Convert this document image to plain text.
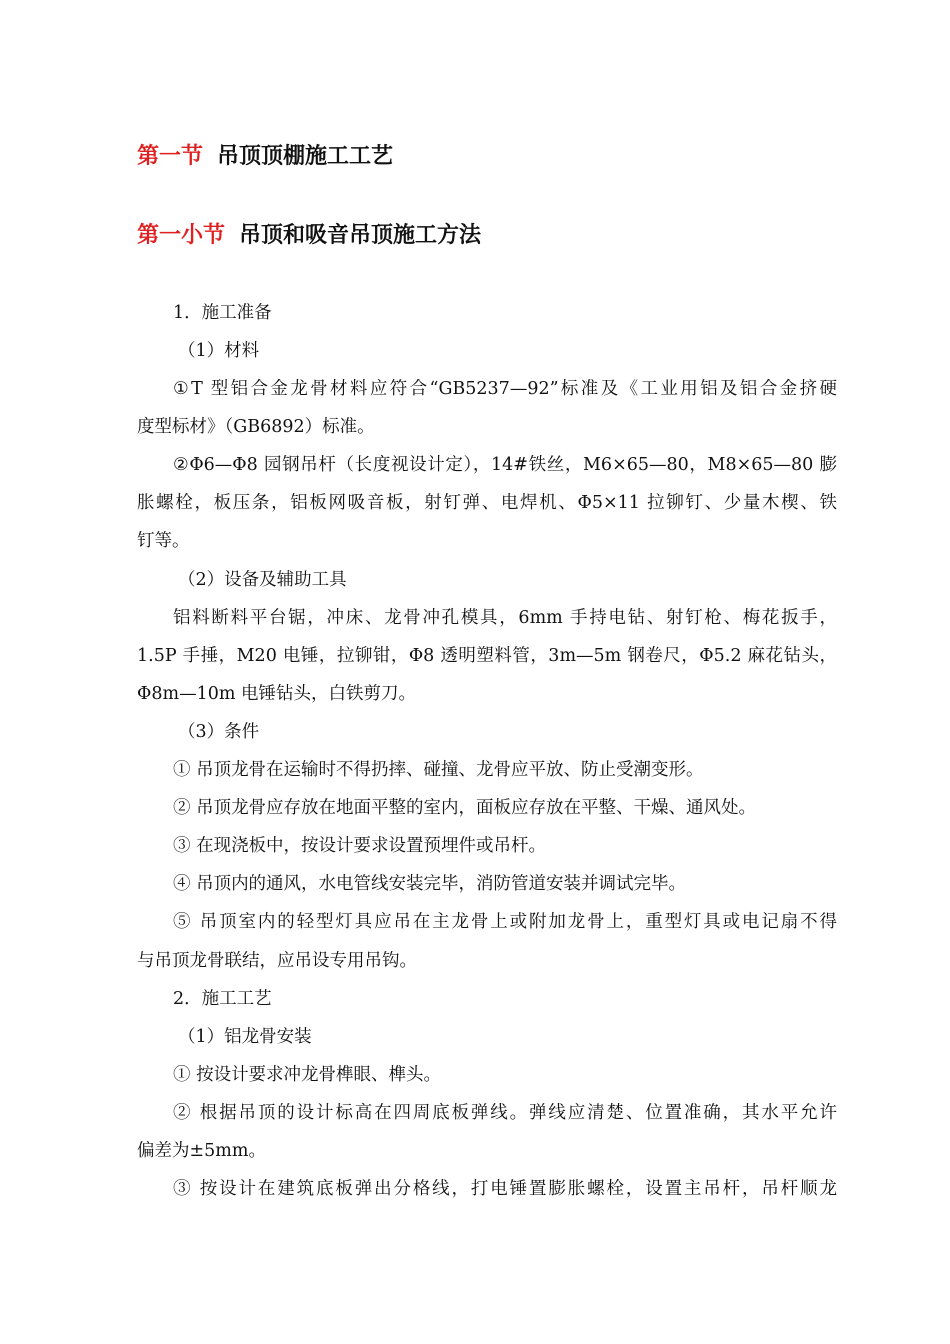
第一节 吊顶顶棚施工工艺
第一小节 吊顶和吸音吊顶施工方法
1．施工准备
（1）材料
①T 型铝合金龙骨材料应符合“GB5237—92”标准及《工业用铝及铝合金挤硬
度型标材》（GB6892）标准。
②Φ6—Φ8 园钢吊杆（长度视设计定），14#铁丝，M6×65—80，M8×65—80 膨
胀螺栓，板压条，铝板网吸音板，射钉弹、电焊机、Φ5×11 拉铆钉、少量木楔、铁
钉等。
（2）设备及辅助工具
铝料断料平台锯，冲床、龙骨冲孔模具，6mm 手持电钻、射钉枪、梅花扳手，
1.5P 手捶，M20 电锤，拉铆钳，Φ8 透明塑料管，3m—5m 钢卷尺，Φ5.2 麻花钻头，
Φ8m—10m 电锤钻头，白铁剪刀。
（3）条件
① 吊顶龙骨在运输时不得扔摔、碰撞、龙骨应平放、防止受潮变形。
② 吊顶龙骨应存放在地面平整的室内，面板应存放在平整、干燥、通风处。
③ 在现浇板中，按设计要求设置预埋件或吊杆。
④ 吊顶内的通风，水电管线安装完毕，消防管道安装并调试完毕。
⑤ 吊顶室内的轻型灯具应吊在主龙骨上或附加龙骨上，重型灯具或电记扇不得
与吊顶龙骨联结，应吊设专用吊钩。
2．施工工艺
（1）铝龙骨安装
① 按设计要求冲龙骨榫眼、榫头。
② 根据吊顶的设计标高在四周底板弹线。弹线应清楚、位置准确，其水平允许
偏差为±5mm。
③ 按设计在建筑底板弹出分格线，打电锤置膨胀螺栓，设置主吊杆，吊杆顺龙
